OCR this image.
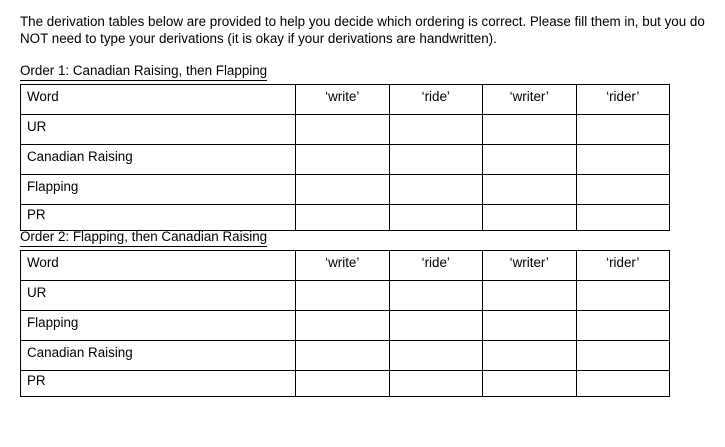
The derivation tables below are provided to help you decide which ordering is correct. Please fill them in, but you do NOT need to type your derivations (it is okay if your derivations are handwritten).

Order 1: Canadian Raising, then Flapping
Word	‘write’	‘ride’	‘writer’	‘rider’
UR				
Canadian Raising				
Flapping				
PR				
Order 2: Flapping, then Canadian Raising
Word	‘write’	‘ride’	‘writer’	‘rider’
UR				
Flapping				
Canadian Raising				
PR				
